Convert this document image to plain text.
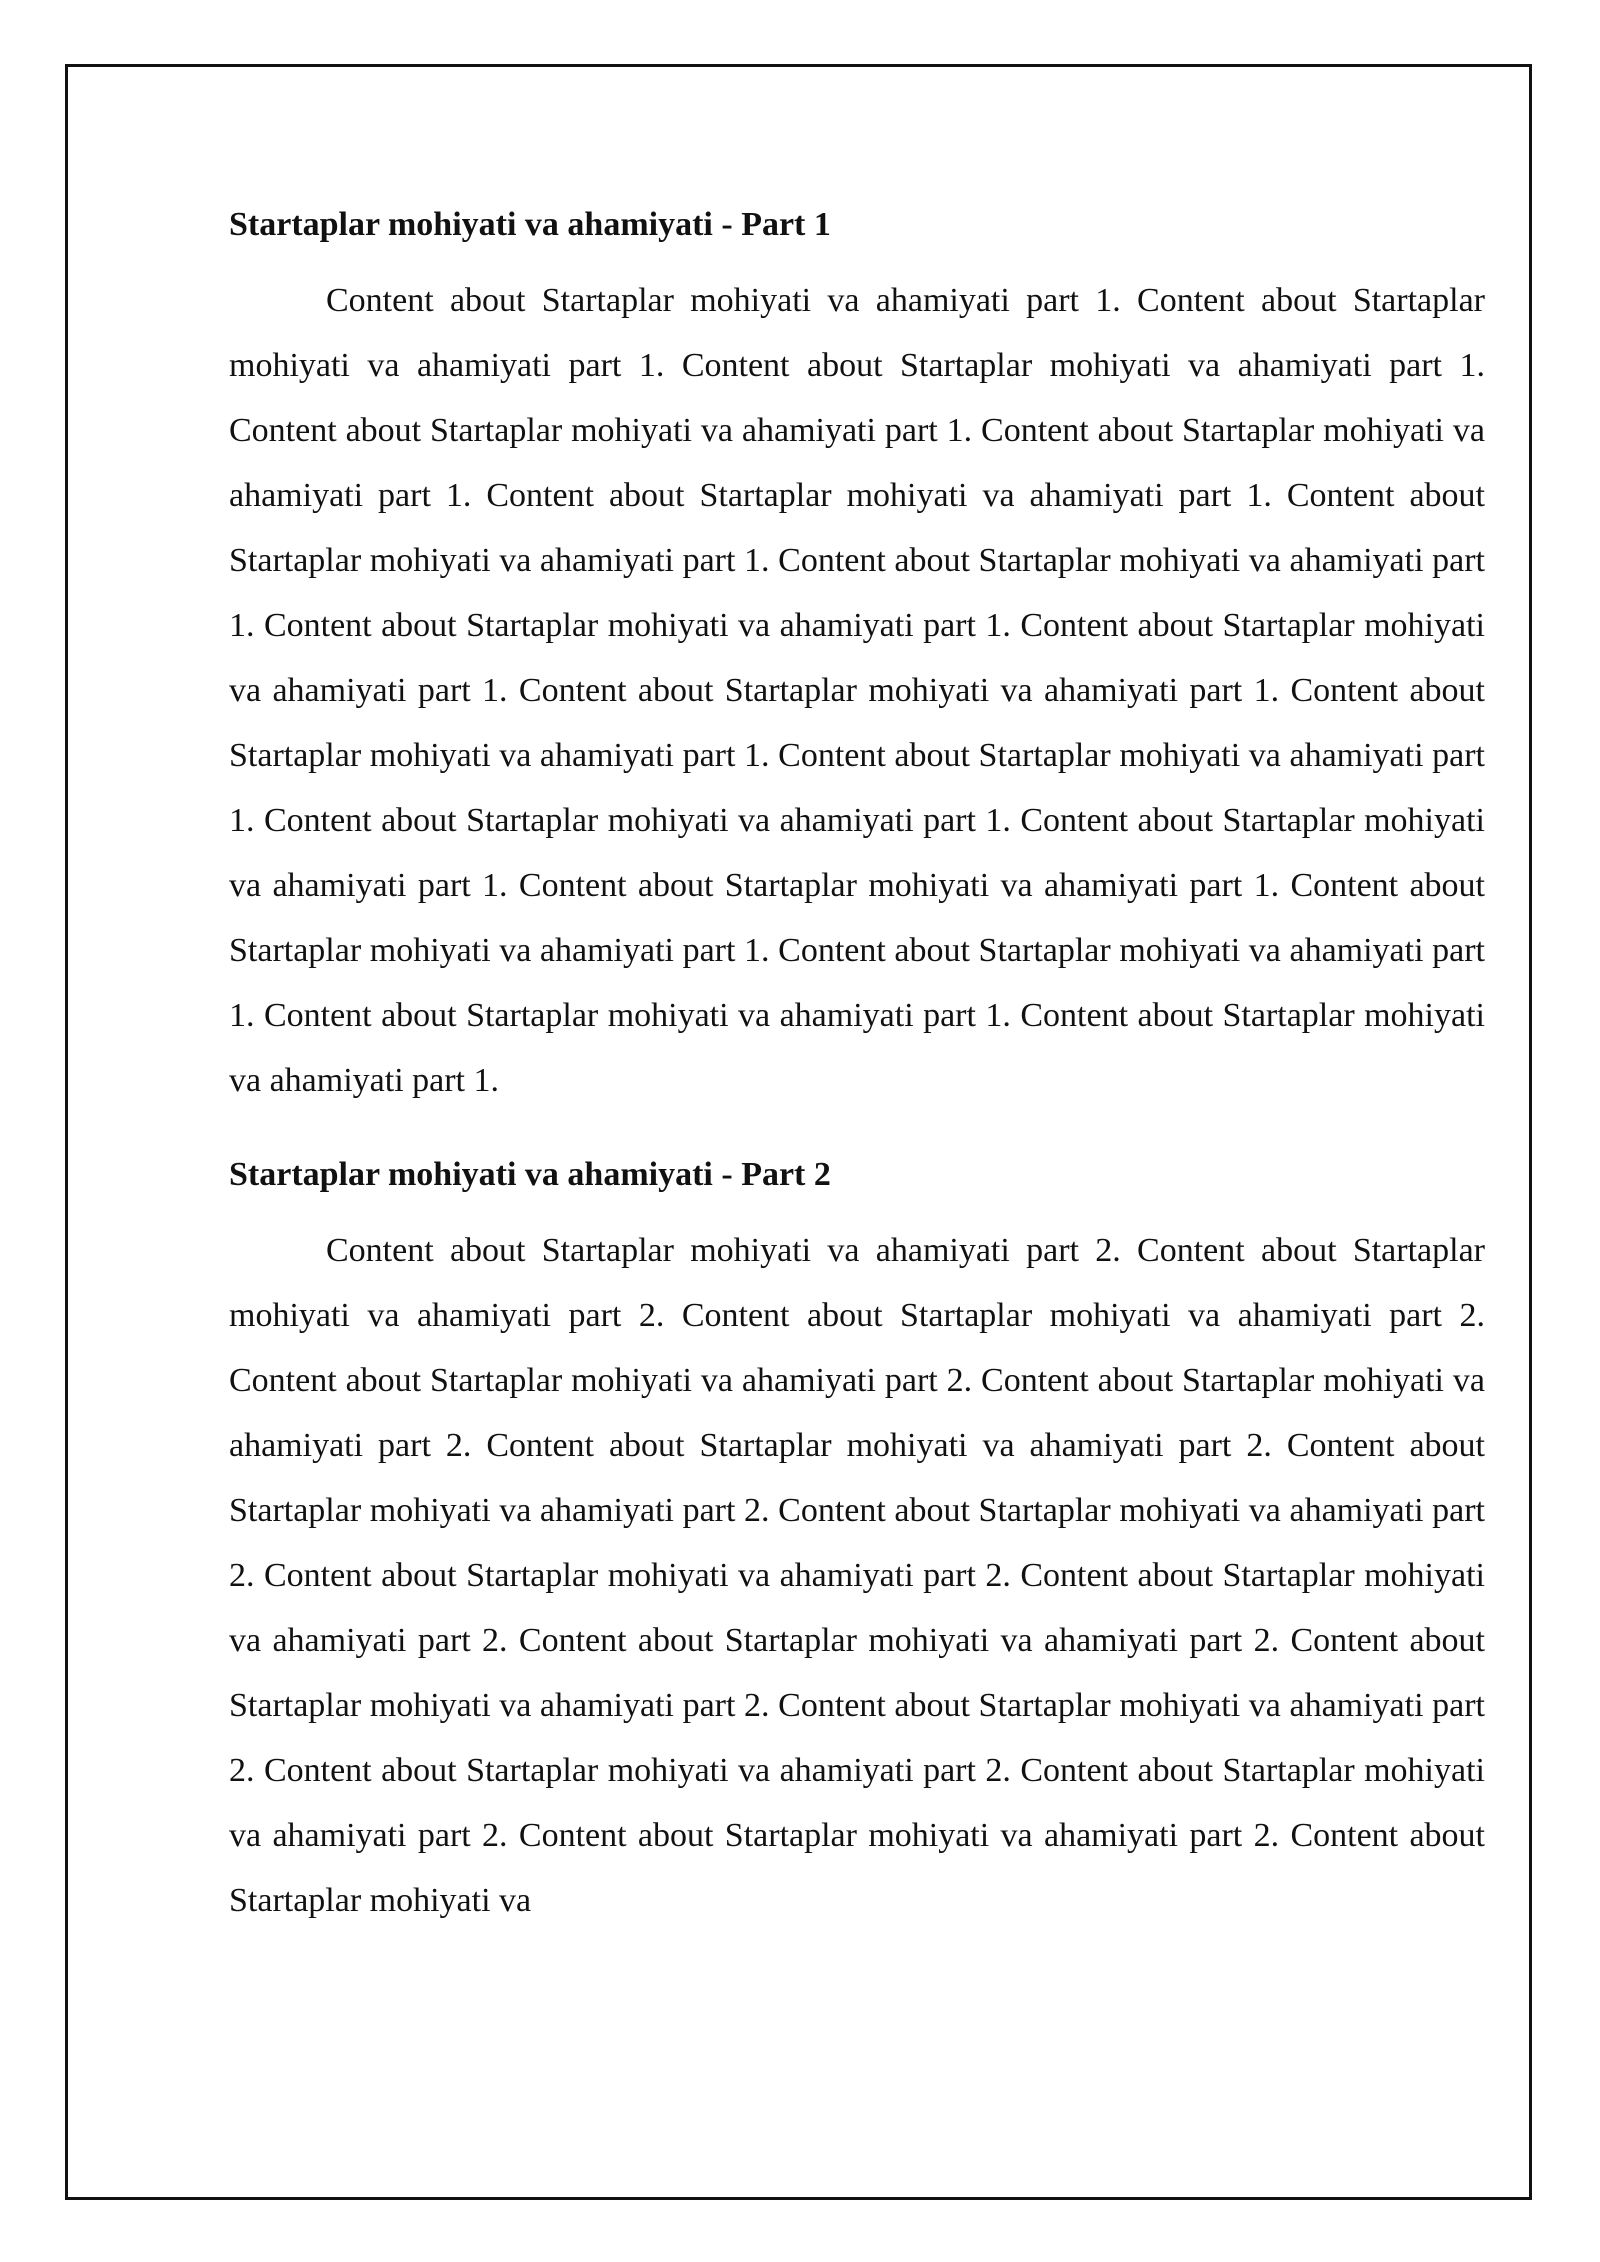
Startaplar mohiyati va ahamiyati - Part 1

Content about Startaplar mohiyati va ahamiyati part 1. Content about Startaplar mohiyati va ahamiyati part 1. Content about Startaplar mohiyati va ahamiyati part 1. Content about Startaplar mohiyati va ahamiyati part 1. Content about Startaplar mohiyati va ahamiyati part 1. Content about Startaplar mohiyati va ahamiyati part 1. Content about Startaplar mohiyati va ahamiyati part 1. Content about Startaplar mohiyati va ahamiyati part 1. Content about Startaplar mohiyati va ahamiyati part 1. Content about Startaplar mohiyati va ahamiyati part 1. Content about Startaplar mohiyati va ahamiyati part 1. Content about Startaplar mohiyati va ahamiyati part 1. Content about Startaplar mohiyati va ahamiyati part 1. Content about Startaplar mohiyati va ahamiyati part 1. Content about Startaplar mohiyati va ahamiyati part 1. Content about Startaplar mohiyati va ahamiyati part 1. Content about Startaplar mohiyati va ahamiyati part 1. Content about Startaplar mohiyati va ahamiyati part 1. Content about Startaplar mohiyati va ahamiyati part 1. Content about Startaplar mohiyati va ahamiyati part 1.

Startaplar mohiyati va ahamiyati - Part 2

Content about Startaplar mohiyati va ahamiyati part 2. Content about Startaplar mohiyati va ahamiyati part 2. Content about Startaplar mohiyati va ahamiyati part 2. Content about Startaplar mohiyati va ahamiyati part 2. Content about Startaplar mohiyati va ahamiyati part 2. Content about Startaplar mohiyati va ahamiyati part 2. Content about Startaplar mohiyati va ahamiyati part 2. Content about Startaplar mohiyati va ahamiyati part 2. Content about Startaplar mohiyati va ahamiyati part 2. Content about Startaplar mohiyati va ahamiyati part 2. Content about Startaplar mohiyati va ahamiyati part 2. Content about Startaplar mohiyati va ahamiyati part 2. Content about Startaplar mohiyati va ahamiyati part 2. Content about Startaplar mohiyati va ahamiyati part 2. Content about Startaplar mohiyati va ahamiyati part 2. Content about Startaplar mohiyati va ahamiyati part 2. Content about Startaplar mohiyati va
